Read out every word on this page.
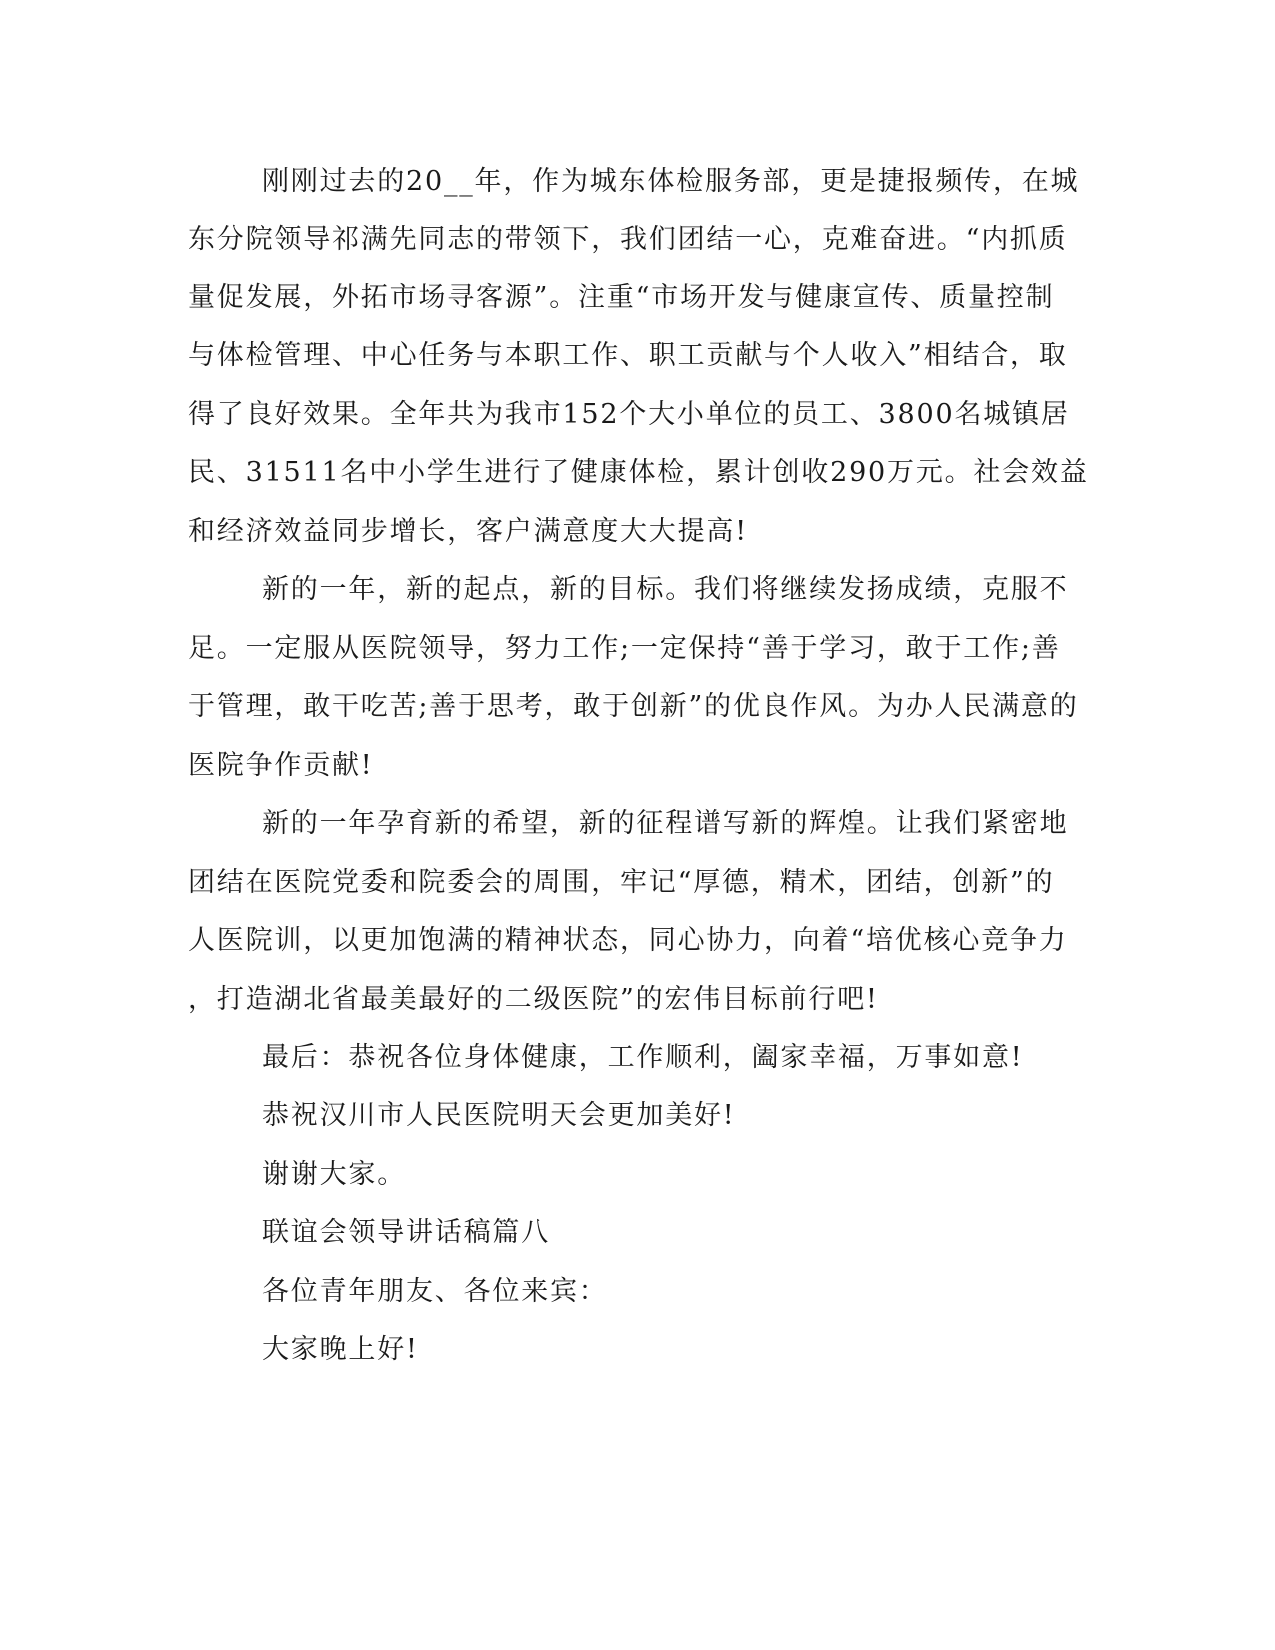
刚刚过去的20__年，作为城东体检服务部，更是捷报频传，在城
东分院领导祁满先同志的带领下，我们团结一心，克难奋进。“内抓质
量促发展，外拓市场寻客源”。注重“市场开发与健康宣传、质量控制
与体检管理、中心任务与本职工作、职工贡献与个人收入”相结合，取
得了良好效果。全年共为我市152个大小单位的员工、3800名城镇居
民、31511名中小学生进行了健康体检，累计创收290万元。社会效益
和经济效益同步增长，客户满意度大大提高!
新的一年，新的起点，新的目标。我们将继续发扬成绩，克服不
足。一定服从医院领导，努力工作;一定保持“善于学习，敢于工作;善
于管理，敢干吃苦;善于思考，敢于创新”的优良作风。为办人民满意的
医院争作贡献!
新的一年孕育新的希望，新的征程谱写新的辉煌。让我们紧密地
团结在医院党委和院委会的周围，牢记“厚德，精术，团结，创新”的
人医院训，以更加饱满的精神状态，同心协力，向着“培优核心竞争力
，打造湖北省最美最好的二级医院”的宏伟目标前行吧!
最后：恭祝各位身体健康，工作顺利，阖家幸福，万事如意!
恭祝汉川市人民医院明天会更加美好!
谢谢大家。
联谊会领导讲话稿篇八
各位青年朋友、各位来宾：
大家晚上好!
